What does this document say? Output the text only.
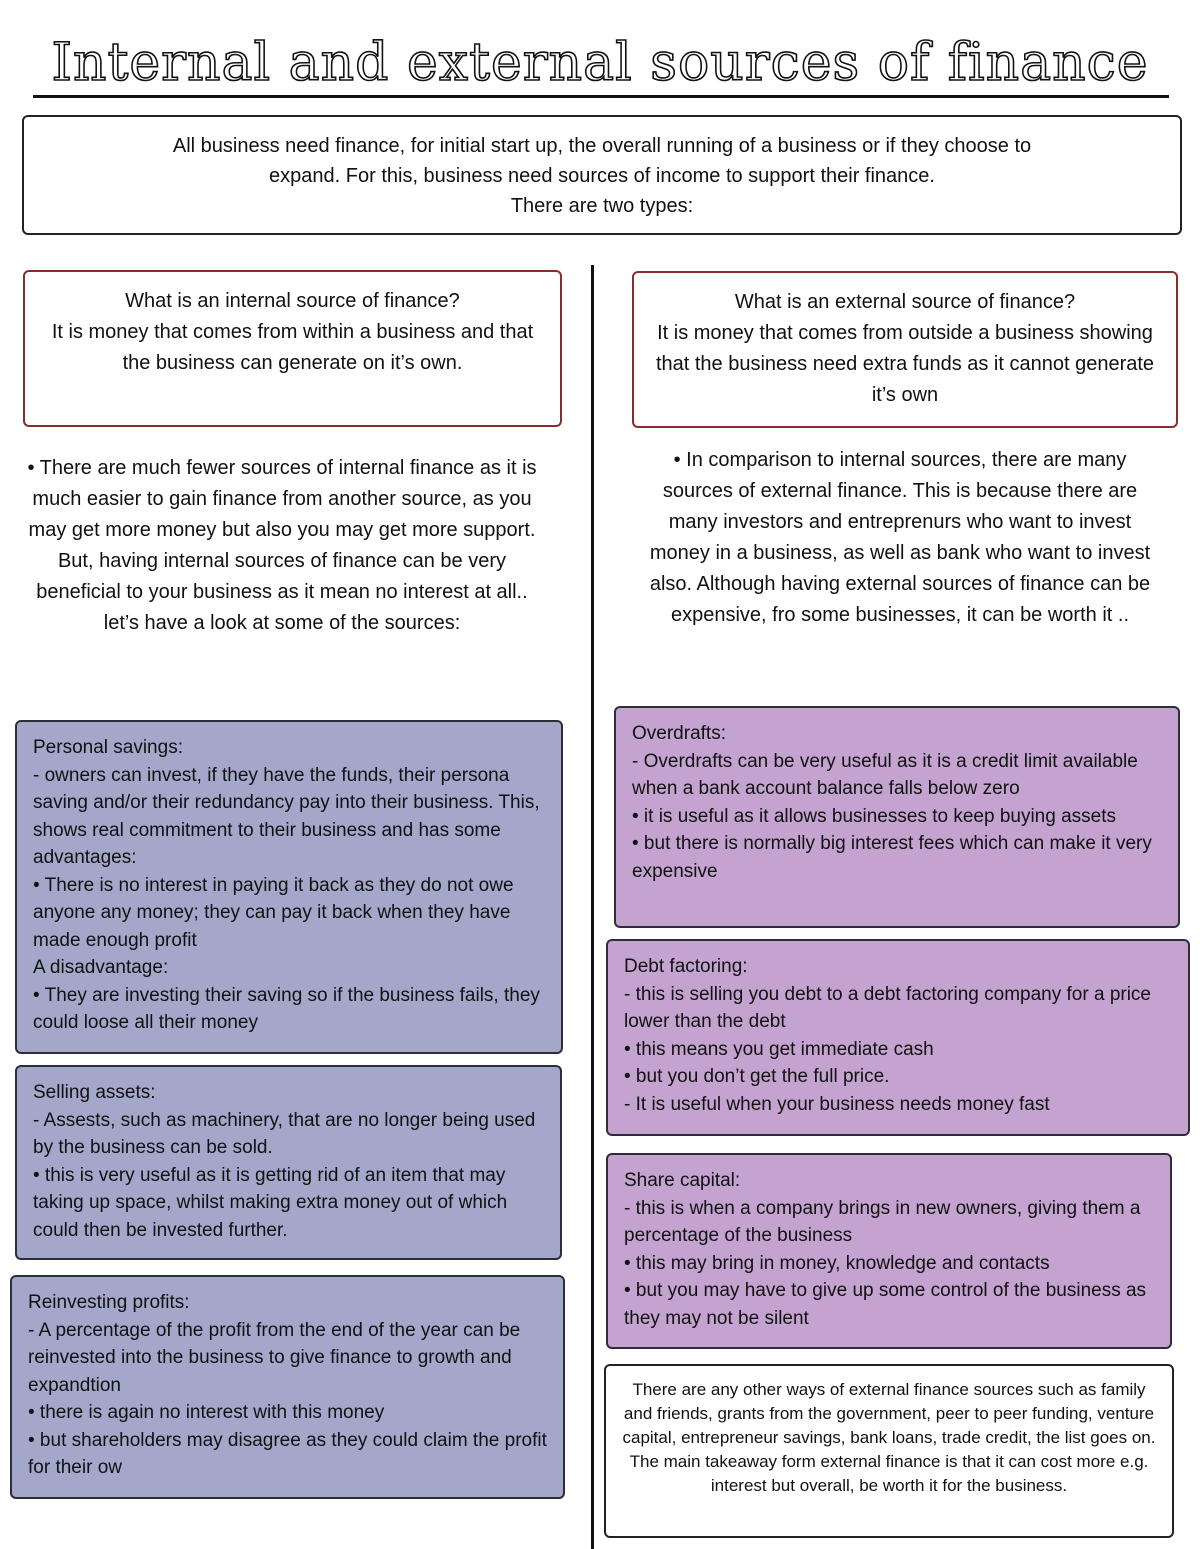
Internal and external sources of finance
All business need finance, for initial start up, the overall running of a business or if they choose to
expand. For this, business need sources of income to support their finance.
There are two types:
What is an internal source of finance?
It is money that comes from within a business and that the business can generate on it’s own.
• There are much fewer sources of internal finance as it is much easier to gain finance from another source, as you may get more money but also you may get more support. But, having internal sources of finance can be very beneficial to your business as it mean no interest at all.. let’s have a look at some of the sources:
Personal savings:
- owners can invest, if they have the funds, their persona saving and/or their redundancy pay into their business. This, shows real commitment to their business and has some advantages:
• There is no interest in paying it back as they do not owe anyone any money; they can pay it back when they have made enough profit
A disadvantage:
• They are investing their saving so if the business fails, they could loose all their money
Selling assets:
- Assests, such as machinery, that are no longer being used by the business can be sold.
• this is very useful as it is getting rid of an item that may taking up space, whilst making extra money out of which could then be invested further.
Reinvesting profits:
- A percentage of the profit from the end of the year can be reinvested into the business to give finance to growth and expandtion
• there is again no interest with this money
• but shareholders may disagree as they could claim the profit for their ow
What is an external source of finance?
It is money that comes from outside a business showing that the business need extra funds as it cannot generate it’s own
• In comparison to internal sources, there are many sources of external finance. This is because there are many investors and entreprenurs who want to invest money in a business, as well as bank who want to invest also. Although having external sources of finance can be expensive, fro some businesses, it can be worth it ..
Overdrafts:
- Overdrafts can be very useful as it is a credit limit available when a bank account balance falls below zero
• it is useful as it allows businesses to keep buying assets
• but there is normally big interest fees which can make it very expensive
Debt factoring:
- this is selling you debt to a debt factoring company for a price lower than the debt
• this means you get immediate cash
• but you don’t get the full price.
- It is useful when your business needs money fast
Share capital:
- this is when a company brings in new owners, giving them a percentage of the business
• this may bring in money, knowledge and contacts
• but you may have to give up some control of the business as they may not be silent
There are any other ways of external finance sources such as family and friends, grants from the government, peer to peer funding, venture capital, entrepreneur savings, bank loans, trade credit, the list goes on. The main takeaway form external finance is that it can cost more e.g. interest but overall, be worth it for the business.
